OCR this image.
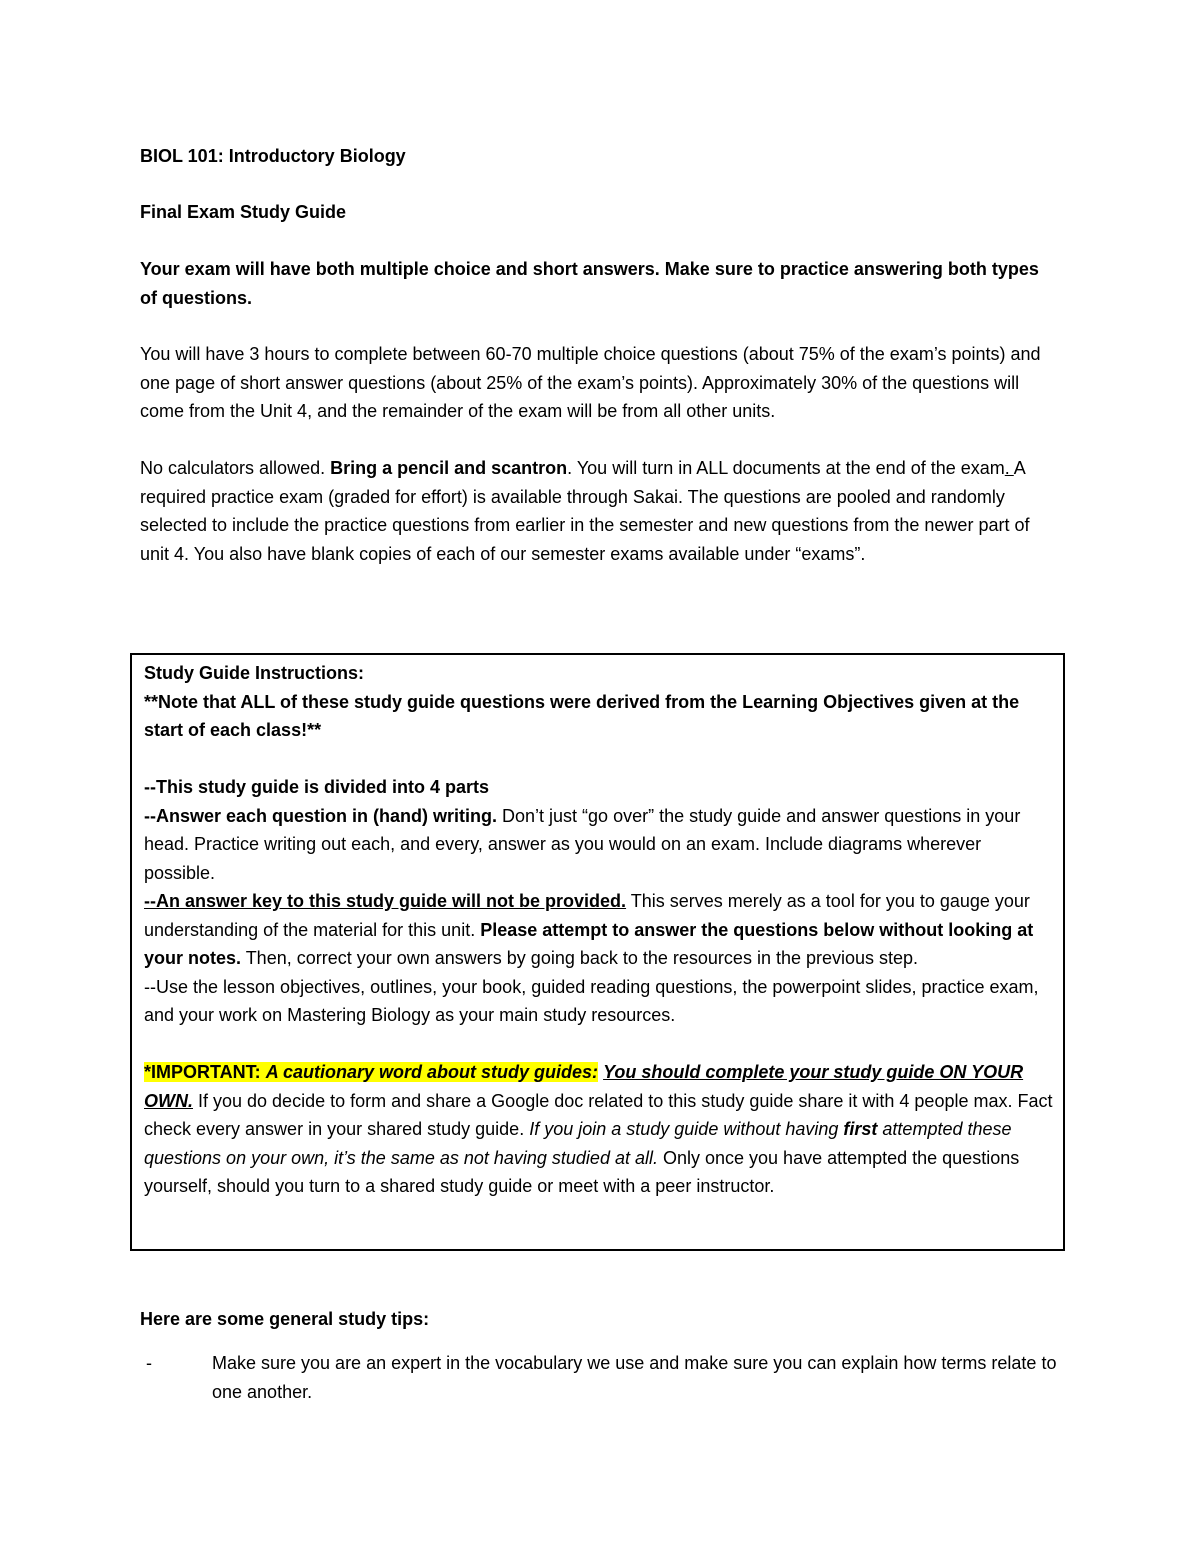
BIOL 101: Introductory Biology

Final Exam Study Guide

Your exam will have both multiple choice and short answers. Make sure to practice answering both types of questions.

You will have 3 hours to complete between 60-70 multiple choice questions (about 75% of the exam’s points) and one page of short answer questions (about 25% of the exam’s points). Approximately 30% of the questions will come from the Unit 4, and the remainder of the exam will be from all other units.

No calculators allowed. Bring a pencil and scantron. You will turn in ALL documents at the end of the exam. A required practice exam (graded for effort) is available through Sakai. The questions are pooled and randomly selected to include the practice questions from earlier in the semester and new questions from the newer part of unit 4. You also have blank copies of each of our semester exams available under “exams”.

Study Guide Instructions:

**Note that ALL of these study guide questions were derived from the Learning Objectives given at the start of each class!**

--This study guide is divided into 4 parts

--Answer each question in (hand) writing. Don’t just “go over” the study guide and answer questions in your head. Practice writing out each, and every, answer as you would on an exam. Include diagrams wherever possible.

--An answer key to this study guide will not be provided. This serves merely as a tool for you to gauge your understanding of the material for this unit. Please attempt to answer the questions below without looking at your notes. Then, correct your own answers by going back to the resources in the previous step.

--Use the lesson objectives, outlines, your book, guided reading questions, the powerpoint slides, practice exam, and your work on Mastering Biology as your main study resources.

*IMPORTANT: A cautionary word about study guides: You should complete your study guide ON YOUR OWN. If you do decide to form and share a Google doc related to this study guide share it with 4 people max. Fact check every answer in your shared study guide. If you join a study guide without having first attempted these questions on your own, it’s the same as not having studied at all. Only once you have attempted the questions yourself, should you turn to a shared study guide or meet with a peer instructor.

Here are some general study tips:

-	Make sure you are an expert in the vocabulary we use and make sure you can explain how terms relate to one another.
